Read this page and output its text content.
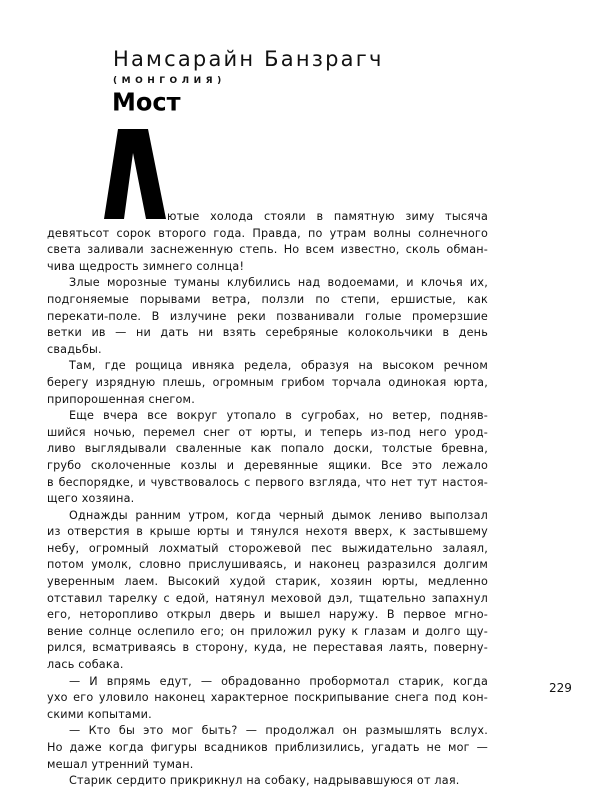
Намсарайн Банзрагч
(МОНГОЛИЯ)
Мост
ютые холода стояли в памятную зиму тысяча
девятьсот сорок второго года. Правда, по утрам волны солнечного
света заливали заснеженную степь. Но всем известно, сколь обман-
чива щедрость зимнего солнца!
Злые морозные туманы клубились над водоемами, и клочья их,
подгоняемые порывами ветра, ползли по степи, ершистые, как
перекати-поле. В излучине реки позванивали голые промерзшие
ветки ив — ни дать ни взять серебряные колокольчики в день
свадьбы.
Там, где рощица ивняка редела, образуя на высоком речном
берегу изрядную плешь, огромным грибом торчала одинокая юрта,
припорошенная снегом.
Еще вчера все вокруг утопало в сугробах, но ветер, подняв-
шийся ночью, перемел снег от юрты, и теперь из-под него урод-
ливо выглядывали сваленные как попало доски, толстые бревна,
грубо сколоченные козлы и деревянные ящики. Все это лежало
в беспорядке, и чувствовалось с первого взгляда, что нет тут настоя-
щего хозяина.
Однажды ранним утром, когда черный дымок лениво выползал
из отверстия в крыше юрты и тянулся нехотя вверх, к застывшему
небу, огромный лохматый сторожевой пес выжидательно залаял,
потом умолк, словно прислушиваясь, и наконец разразился долгим
уверенным лаем. Высокий худой старик, хозяин юрты, медленно
отставил тарелку с едой, натянул меховой дэл, тщательно запахнул
его, неторопливо открыл дверь и вышел наружу. В первое мгно-
вение солнце ослепило его; он приложил руку к глазам и долго щу-
рился, всматриваясь в сторону, куда, не переставая лаять, поверну-
лась собака.
— И впрямь едут, — обрадованно пробормотал старик, когда
ухо его уловило наконец характерное поскрипывание снега под кон-
скими копытами.
— Кто бы это мог быть? — продолжал он размышлять вслух.
Но даже когда фигуры всадников приблизились, угадать не мог —
мешал утренний туман.
Старик сердито прикрикнул на собаку, надрывавшуюся от лая.
229
